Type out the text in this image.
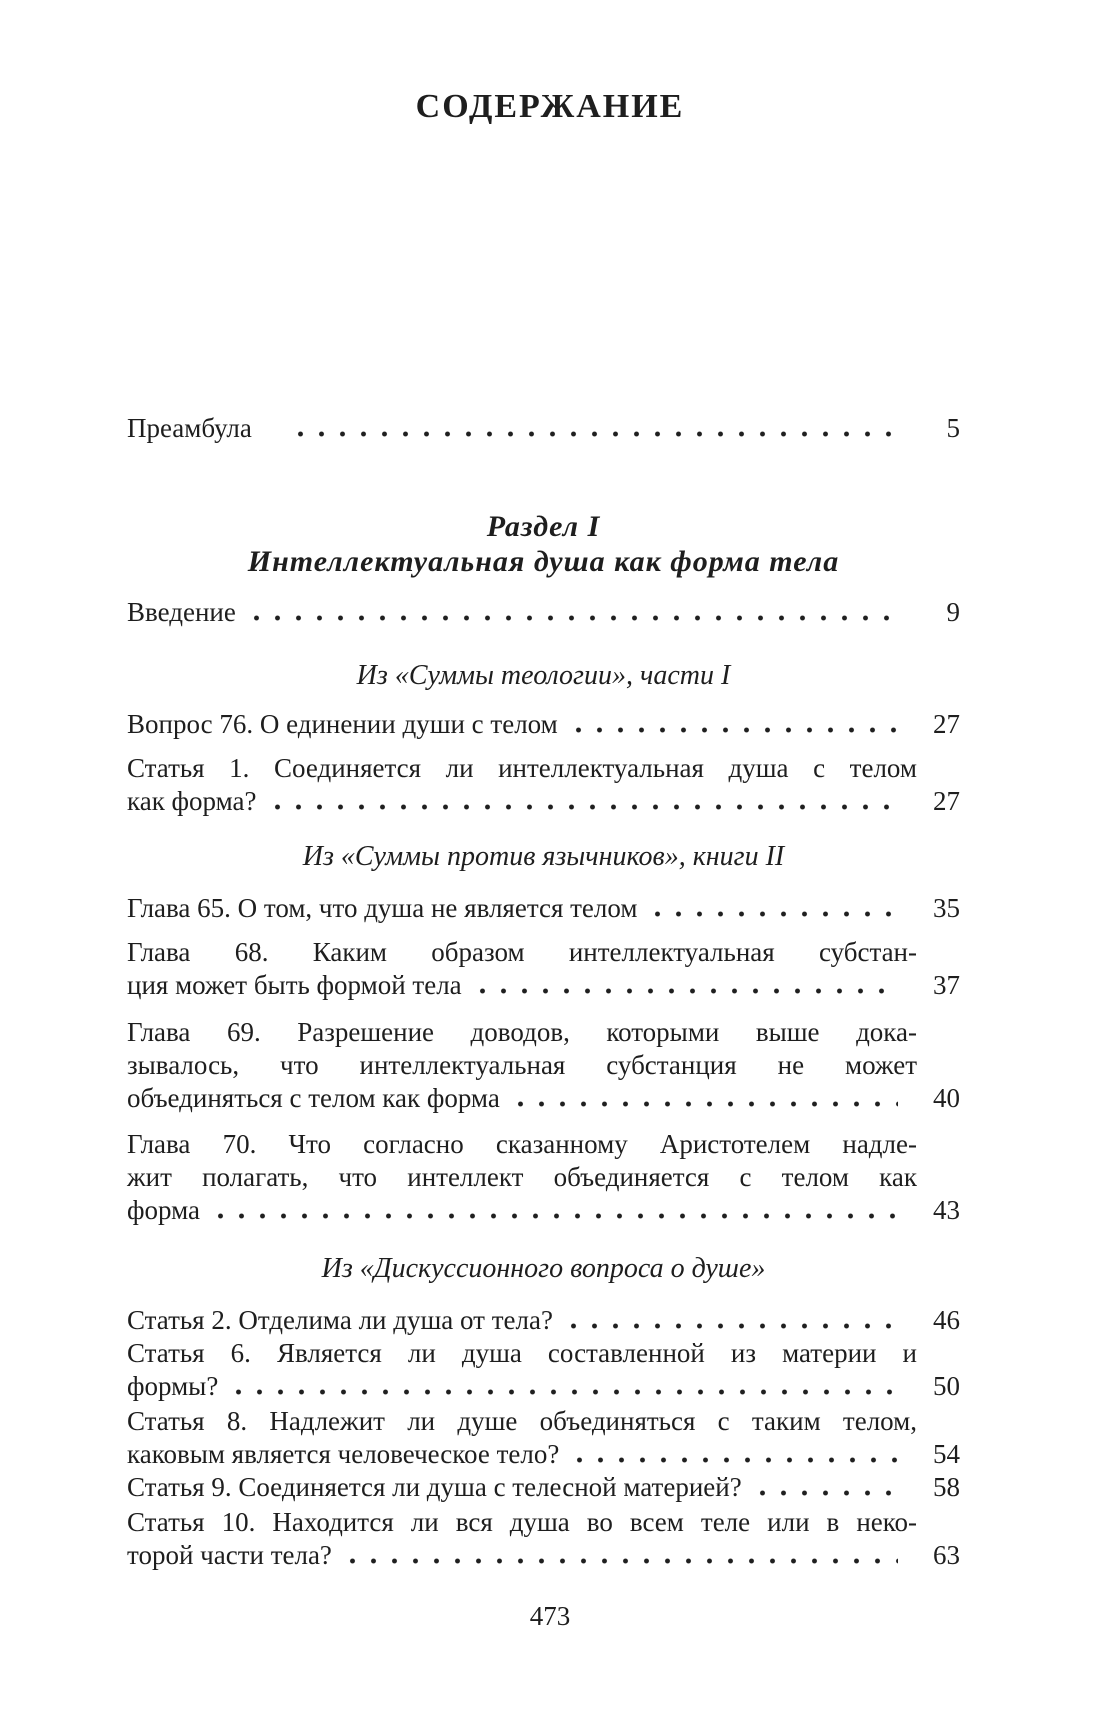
СОДЕРЖАНИЕ
Преамбула	5
Раздел I
Интеллектуальная душа как форма тела
Введение	9
Из «Суммы теологии», части I
Вопрос 76. О единении души с телом	27
Статья 1. Соединяется ли интеллектуальная душа с телом
как форма?	27
Из «Суммы против язычников», книги II
Глава 65. О том, что душа не является телом	35
Глава 68. Каким образом интеллектуальная субстан-
ция может быть формой тела	37
Глава 69. Разрешение доводов, которыми выше дока-
зывалось, что интеллектуальная субстанция не может
объединяться с телом как форма	40
Глава 70. Что согласно сказанному Аристотелем надле-
жит полагать, что интеллект объединяется с телом как
форма	43
Из «Дискуссионного вопроса о душе»
Статья 2. Отделима ли душа от тела?	46
Статья 6. Является ли душа составленной из материи и
формы?	50
Статья 8. Надлежит ли душе объединяться с таким телом,
каковым является человеческое тело?	54
Статья 9. Соединяется ли душа с телесной материей?	58
Статья 10. Находится ли вся душа во всем теле или в неко-
торой части тела?	63
473
